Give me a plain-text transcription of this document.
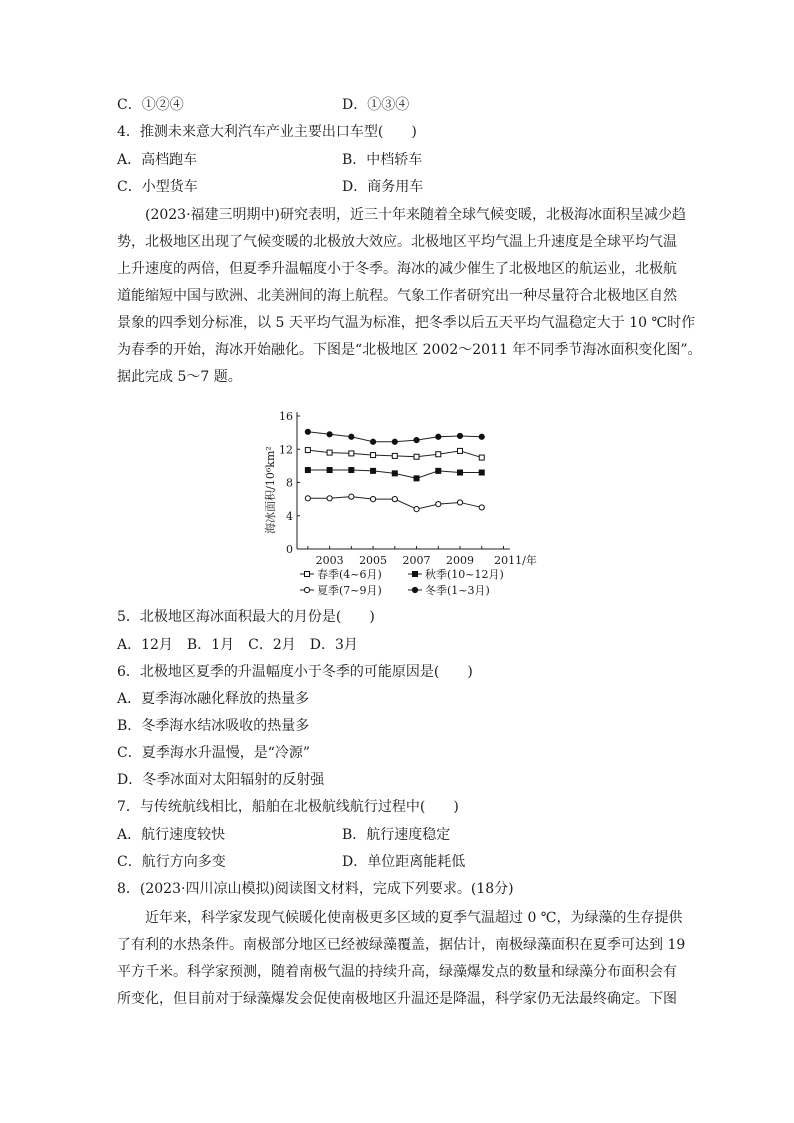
C．①②④	D．①③④
4．推测未来意大利汽车产业主要出口车型(　　)
A．高档跑车	B．中档轿车
C．小型货车	D．商务用车
(2023·福建三明期中)研究表明，近三十年来随着全球气候变暖，北极海冰面积呈减少趋
势，北极地区出现了气候变暖的北极放大效应。北极地区平均气温上升速度是全球平均气温
上升速度的两倍，但夏季升温幅度小于冬季。海冰的减少催生了北极地区的航运业，北极航
道能缩短中国与欧洲、北美洲间的海上航程。气象工作者研究出一种尽量符合北极地区自然
景象的四季划分标准，以 5 天平均气温为标准，把冬季以后五天平均气温稳定大于 10 ℃时作
为春季的开始，海冰开始融化。下图是“北极地区 2002～2011 年不同季节海冰面积变化图”。
据此完成 5～7 题。
0
4
8
12
16
2003 2005 2007 2009 2011/年
春季(4~6月)	秋季(10~12月)
夏季(7~9月)	冬季(1~3月)
海冰面积/10⁶km²
5．北极地区海冰面积最大的月份是(　　)
A．12月　B．1月　C．2月　D．3月
6．北极地区夏季的升温幅度小于冬季的可能原因是(　　)
A．夏季海冰融化释放的热量多
B．冬季海水结冰吸收的热量多
C．夏季海水升温慢，是“冷源”
D．冬季冰面对太阳辐射的反射强
7．与传统航线相比，船舶在北极航线航行过程中(　　)
A．航行速度较快	B．航行速度稳定
C．航行方向多变	D．单位距离能耗低
8．(2023·四川凉山模拟)阅读图文材料，完成下列要求。(18分)
近年来，科学家发现气候暖化使南极更多区域的夏季气温超过 0 ℃，为绿藻的生存提供
了有利的水热条件。南极部分地区已经被绿藻覆盖，据估计，南极绿藻面积在夏季可达到 19
平方千米。科学家预测，随着南极气温的持续升高，绿藻爆发点的数量和绿藻分布面积会有
所变化，但目前对于绿藻爆发会促使南极地区升温还是降温，科学家仍无法最终确定。下图
